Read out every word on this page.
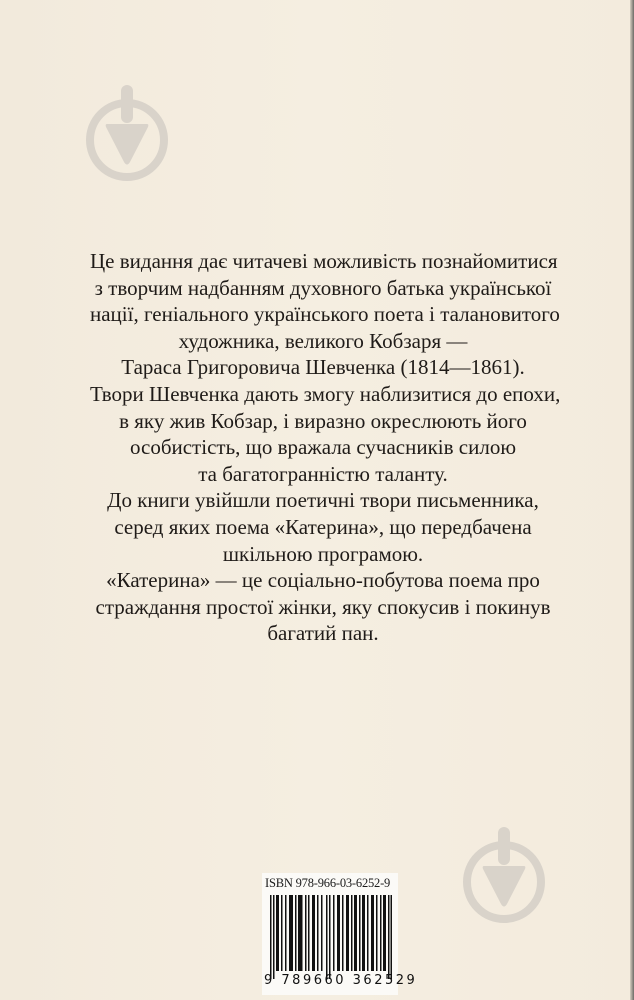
Це видання дає читачеві можливість познайомитися
з творчим надбанням духовного батька української
нації, геніального українського поета і талановитого
художника, великого Кобзаря —
Тараса Григоровича Шевченка (1814—1861).
Твори Шевченка дають змогу наблизитися до епохи,
в яку жив Кобзар, і виразно окреслюють його
особистість, що вражала сучасників силою
та багатогранністю таланту.
До книги увійшли поетичні твори письменника,
серед яких поема «Катерина», що передбачена
шкільною програмою.
«Катерина» — це соціально-побутова поема про
страждання простої жінки, яку спокусив і покинув
багатий пан.
ISBN 978-966-03-6252-9
9 789660 362529
